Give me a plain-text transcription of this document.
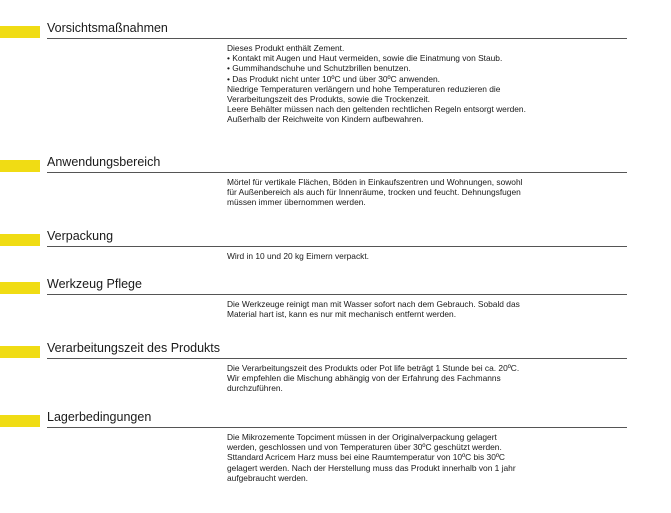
Vorsichtsmaßnahmen
Dieses Produkt enthält Zement.
• Kontakt mit Augen und Haut vermeiden, sowie die Einatmung von Staub.
• Gummihandschuhe und Schutzbrillen benutzen.
• Das Produkt nicht unter 10ºC und über 30ºC anwenden.
Niedrige Temperaturen verlängern und hohe Temperaturen reduzieren die
Verarbeitungszeit des Produkts, sowie die Trockenzeit.
Leere Behälter müssen nach den geltenden rechtlichen Regeln entsorgt werden.
Außerhalb der Reichweite von Kindern aufbewahren.
Anwendungsbereich
Mörtel für vertikale Flächen, Böden in Einkaufszentren und Wohnungen, sowohl
für Außenbereich als auch für Innenräume, trocken und feucht. Dehnungsfugen
müssen immer übernommen werden.
Verpackung
Wird in 10 und 20 kg Eimern verpackt.
Werkzeug Pflege
Die Werkzeuge reinigt man mit Wasser sofort nach dem Gebrauch. Sobald das
Material hart ist, kann es nur mit mechanisch entfernt werden.
Verarbeitungszeit des Produkts
Die Verarbeitungszeit des Produkts oder Pot life beträgt 1 Stunde bei ca. 20ºC.
Wir empfehlen die Mischung abhängig von der Erfahrung des Fachmanns
durchzuführen.
Lagerbedingungen
Die Mikrozemente Topciment müssen in der Originalverpackung gelagert
werden, geschlossen und von Temperaturen über 30ºC geschützt werden.
Sttandard Acricem Harz muss bei eine Raumtemperatur von 10ºC bis 30ºC
gelagert werden. Nach der Herstellung muss das Produkt innerhalb von 1 jahr
aufgebraucht werden.
